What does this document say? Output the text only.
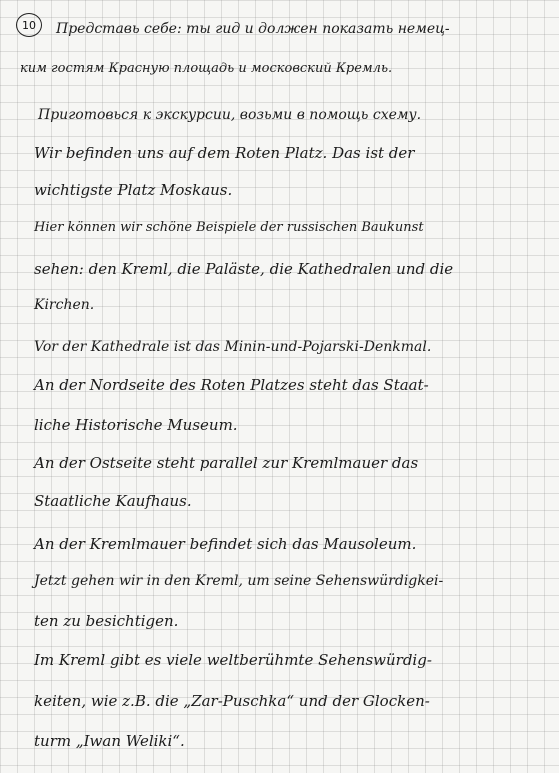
10 Представь себе: ты гид и должен показать немец-
ким гостям Красную площадь и московский Кремль.
Приготовься к экскурсии, возьми в помощь схему.
Wir befinden uns auf dem Roten Platz. Das ist der
wichtigste Platz Moskaus.
Hier können wir schöne Beispiele der russischen Baukunst
sehen: den Kreml, die Paläste, die Kathedralen und die
Kirchen.
Vor der Kathedrale ist das Minin-und-Pojarski-Denkmal.
An der Nordseite des Roten Platzes steht das Staat-
liche Historische Museum.
An der Ostseite steht parallel zur Kremlmauer das
Staatliche Kaufhaus.
An der Kremlmauer befindet sich das Mausoleum.
Jetzt gehen wir in den Kreml, um seine Sehenswürdigkei-
ten zu besichtigen.
Im Kreml gibt es viele weltberühmte Sehenswürdig-
keiten, wie z.B. die „Zar-Puschka“ und der Glocken-
turm „Iwan Weliki“.
